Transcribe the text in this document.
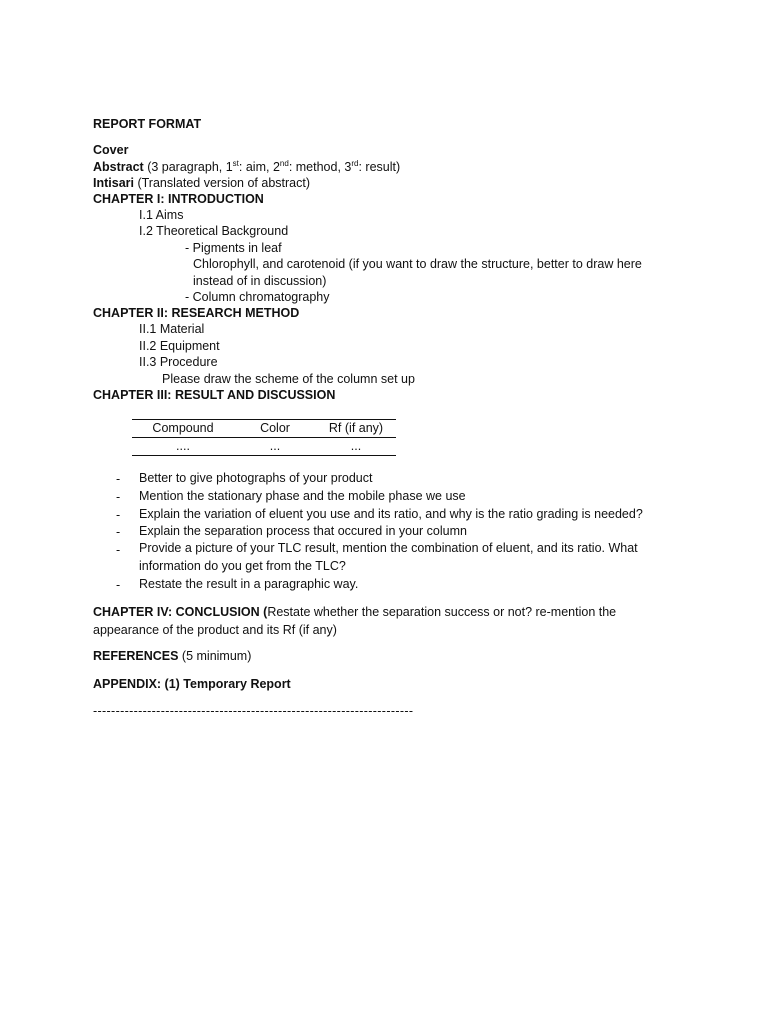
REPORT FORMAT
Cover
Abstract (3 paragraph, 1st: aim, 2nd: method, 3rd: result)
Intisari (Translated version of abstract)
CHAPTER I: INTRODUCTION
I.1 Aims
I.2 Theoretical Background
- Pigments in leaf
Chlorophyll, and carotenoid (if you want to draw the structure, better to draw here
instead of in discussion)
- Column chromatography
CHAPTER II: RESEARCH METHOD
II.1 Material
II.2 Equipment
II.3 Procedure
Please draw the scheme of the column set up
CHAPTER III: RESULT AND DISCUSSION
Compound	Color	Rf (if any)
....	...	...
- Better to give photographs of your product
- Mention the stationary phase and the mobile phase we use
- Explain the variation of eluent you use and its ratio, and why is the ratio grading is needed?
- Explain the separation process that occured in your column
- Provide a picture of your TLC result, mention the combination of eluent, and its ratio. What information do you get from the TLC?
- Restate the result in a paragraphic way.
CHAPTER IV: CONCLUSION (Restate whether the separation success or not? re-mention the appearance of the product and its Rf (if any)
REFERENCES (5 minimum)
APPENDIX: (1) Temporary Report
-----------------------------------------------------------------------
